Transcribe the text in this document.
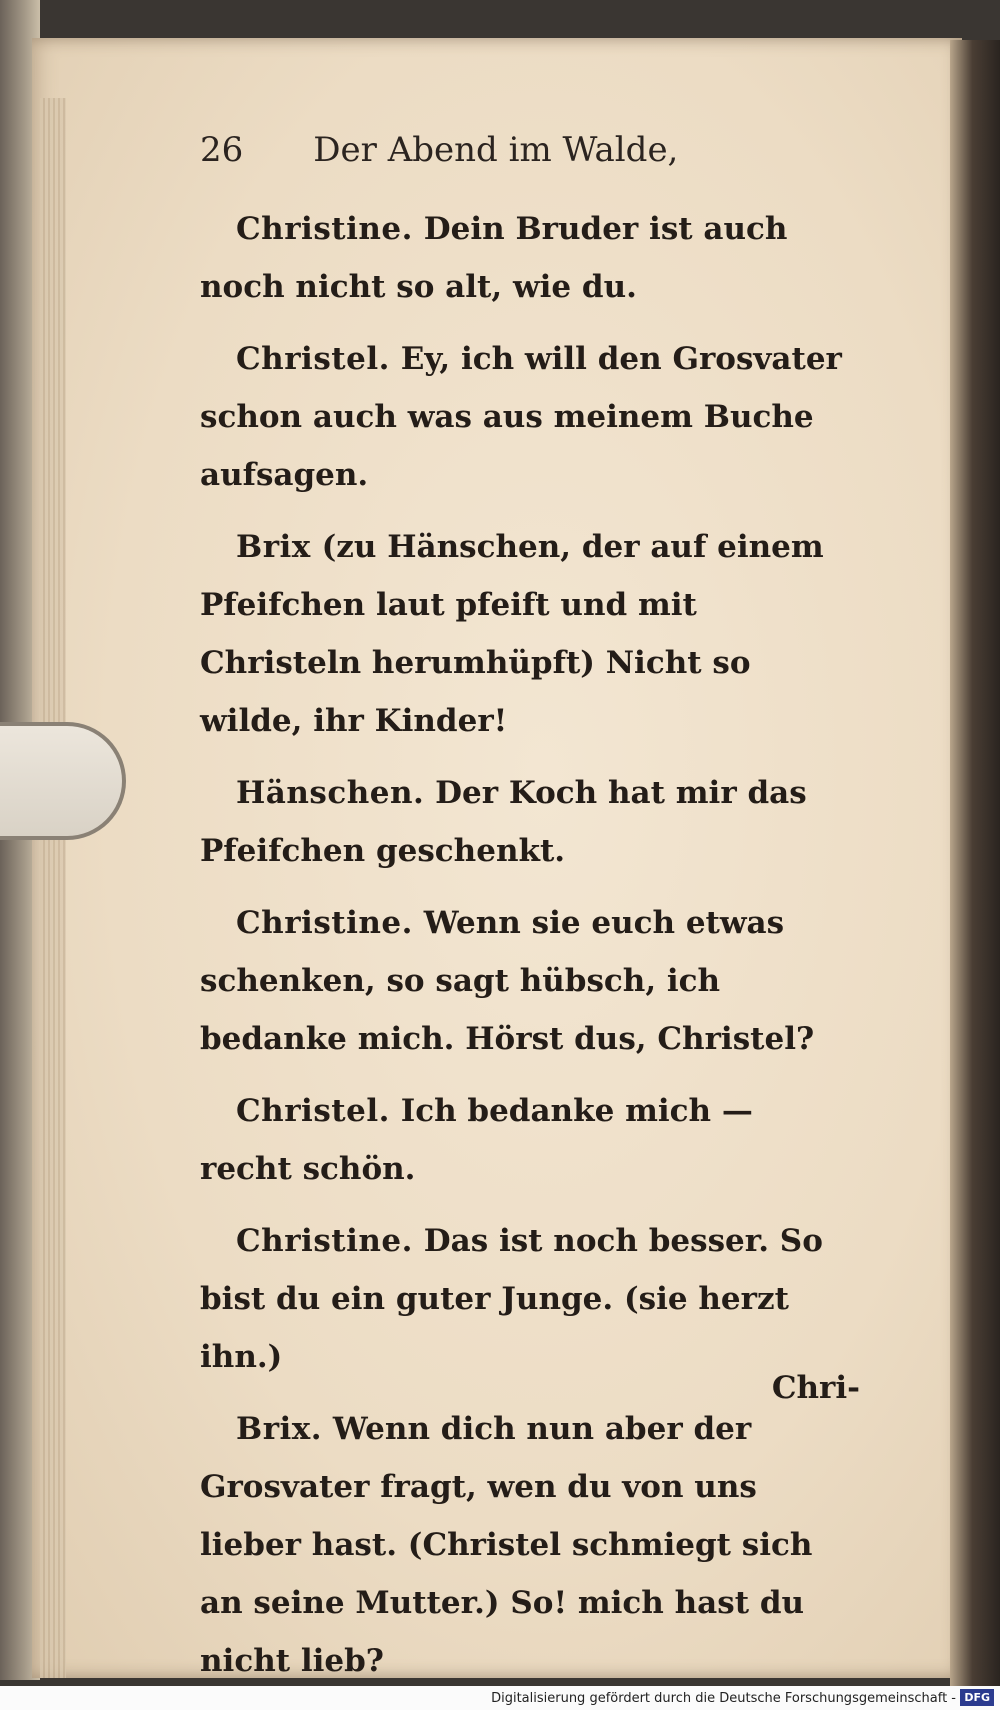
26 Der Abend im Walde,

Christine. Dein Bruder ist auch noch nicht so alt, wie du.

Christel. Ey, ich will den Grosvater schon auch was aus meinem Buche aufsagen.

Brix (zu Hänschen, der auf einem Pfeifchen laut pfeift und mit Christeln herumhüpft) Nicht so wilde, ihr Kinder!

Hänschen. Der Koch hat mir das Pfeifchen geschenkt.

Christine. Wenn sie euch etwas schenken, so sagt hübsch, ich bedanke mich. Hörst dus, Christel?

Christel. Ich bedanke mich — recht schön.

Christine. Das ist noch besser. So bist du ein guter Junge. (sie herzt ihn.)

Brix. Wenn dich nun aber der Grosvater fragt, wen du von uns lieber hast. (Christel schmiegt sich an seine Mutter.) So! mich hast du nicht lieb?

Chri-
Digitalisierung gefördert durch die Deutsche Forschungsgemeinschaft - DFG
